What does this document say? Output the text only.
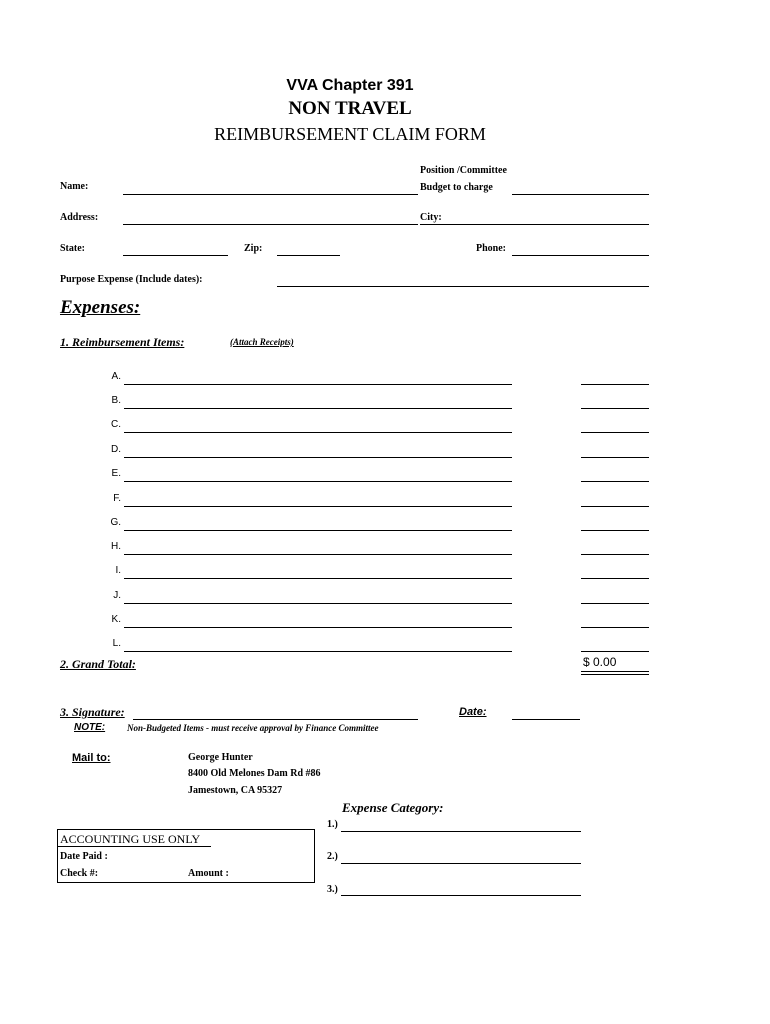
VVA Chapter 391
NON TRAVEL
REIMBURSEMENT CLAIM FORM
Position /Committee
Name:	Budget to charge
Address:	City:
State:	Zip:	Phone:
Purpose Expense (Include dates):
Expenses:
1. Reimbursement Items:	(Attach Receipts)
A.
B.
C.
D.
E.
F.
G.
H.
I.
J.
K.
L.
2. Grand Total:	$ 0.00
3. Signature:	Date:
NOTE: Non-Budgeted Items - must receive approval by Finance Committee
Mail to:	George Hunter
8400 Old Melones Dam Rd #86
Jamestown, CA 95327
Expense Category:
1.)
2.)
3.)
ACCOUNTING USE ONLY
Date Paid :
Check #:	Amount :
